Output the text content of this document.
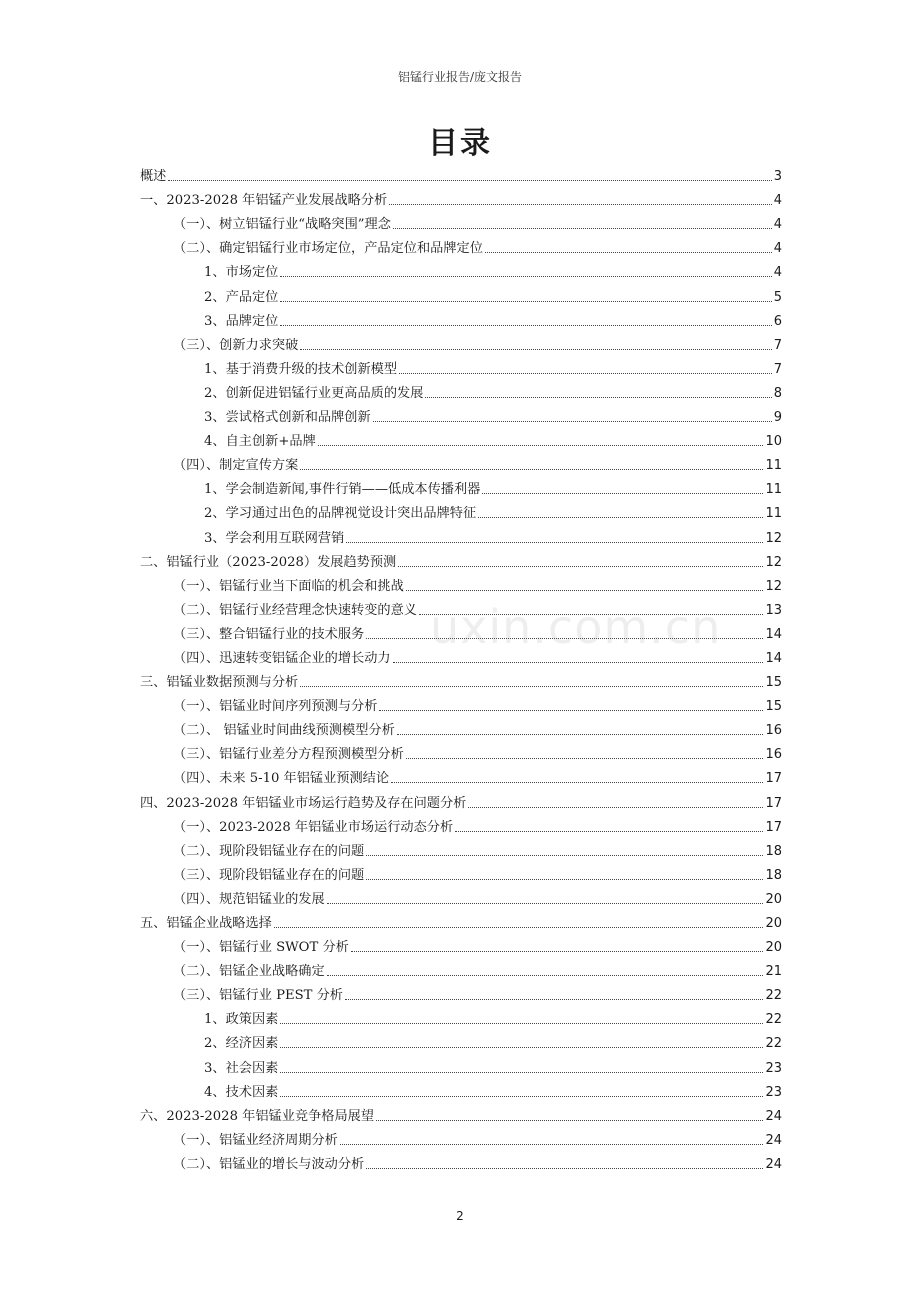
铝锰行业报告/庞文报告
目录
概述	3
一、2023-2028 年铝锰产业发展战略分析	4
（一）、树立铝锰行业“战略突围”理念	4
（二）、确定铝锰行业市场定位，产品定位和品牌定位	4
1、市场定位	4
2、产品定位	5
3、品牌定位	6
（三）、创新力求突破	7
1、基于消费升级的技术创新模型	7
2、创新促进铝锰行业更高品质的发展	8
3、尝试格式创新和品牌创新	9
4、自主创新+品牌	10
（四）、制定宣传方案	11
1、学会制造新闻,事件行销——低成本传播利器	11
2、学习通过出色的品牌视觉设计突出品牌特征	11
3、学会利用互联网营销	12
二、铝锰行业（2023-2028）发展趋势预测	12
（一）、铝锰行业当下面临的机会和挑战	12
（二）、铝锰行业经营理念快速转变的意义	13
（三）、整合铝锰行业的技术服务	14
（四）、迅速转变铝锰企业的增长动力	14
三、铝锰业数据预测与分析	15
（一）、铝锰业时间序列预测与分析	15
（二）、 铝锰业时间曲线预测模型分析	16
（三）、铝锰行业差分方程预测模型分析	16
（四）、未来 5-10 年铝锰业预测结论	17
四、2023-2028 年铝锰业市场运行趋势及存在问题分析	17
（一）、2023-2028 年铝锰业市场运行动态分析	17
（二）、现阶段铝锰业存在的问题	18
（三）、现阶段铝锰业存在的问题	18
（四）、规范铝锰业的发展	20
五、铝锰企业战略选择	20
（一）、铝锰行业 SWOT 分析	20
（二）、铝锰企业战略确定	21
（三）、铝锰行业 PEST 分析	22
1、政策因素	22
2、经济因素	22
3、社会因素	23
4、技术因素	23
六、2023-2028 年铝锰业竞争格局展望	24
（一）、铝锰业经济周期分析	24
（二）、铝锰业的增长与波动分析	24
uxin.com.cn
2
